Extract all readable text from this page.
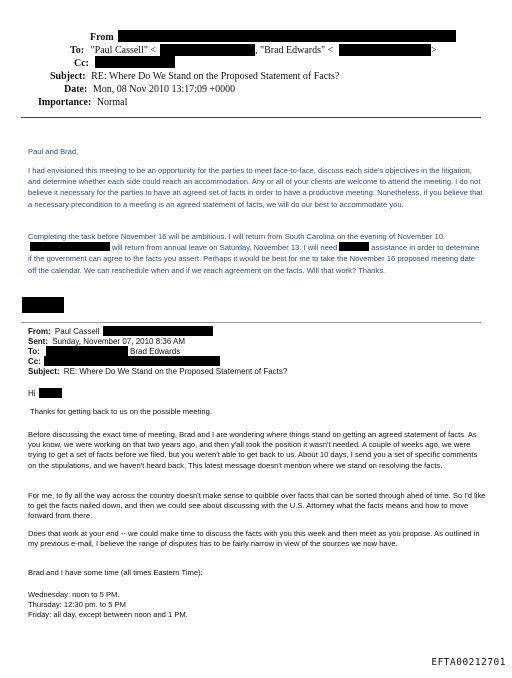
From
To: "Paul Cassell" <	, "Brad Edwards" <	>
Cc:
Subject: RE: Where Do We Stand on the Proposed Statement of Facts?
Date: Mon, 08 Nov 2010 13:17:09 +0000
Importance: Normal

Paul and Brad,

I had envisioned this meeting to be an opportunity for the parties to meet face-to-face, discuss each side's objectives in the litigation, and determine whether each side could reach an accommodation. Any or all of your clients are welcome to attend the meeting. I do not believe it necessary for the parties to have an agreed set of facts in order to have a productive meeting. Nonetheless, if you believe that a necessary precondition to a meeting is an agreed statement of facts, we will do our best to accommodate you.

Completing the task before November 16 will be ambitious. I will return from South Carolina on the evening of November 10.will return from annual leave on Saturday, November 13. I will need	assistance in order to determine if the government can agree to the facts you assert. Perhaps it would be best for me to take the November 16 proposed meeting date off the calendar. We can reschedule when and if we reach agreement on the facts. Will that work? Thanks.

From: Paul Cassell
Sent: Sunday, November 07, 2010 8:36 AM
To:	Brad Edwards
Cc:
Subject: RE: Where Do We Stand on the Proposed Statement of Facts?
Hi

Thanks for getting back to us on the possible meeting.

Before discussing the exact time of meeting, Brad and I are wondering where things stand on getting an agreed statement of facts. As you know, we were working on that two years ago, and then y'all took the position it wasn't needed. A couple of weeks ago, we were trying to get a set of facts before we filed, but you weren't able to get back to us. About 10 days, I send you a set of specific comments on the stipulations, and we haven't heard back. This latest message doesn't mention where we stand on resolving the facts.

For me, to fly all the way across the country doesn't make sense to quibble over facts that can be sorted through ahed of time. So I'd like to get the facts nailed down, and then we could see about discussing with the U.S. Attorney what the facts means and how to move forward from there.

Does that work at your end -- we could make time to discuss the facts with you this week and then meet as you propose. As outlined in my previous e-mail, I believe the range of disputes has to be fairly narrow in view of the sources we now have.

Brad and I have some time (all times Eastern Time):

Wednesday: noon to 5 PM.
Thursday: 12:30 pm. to 5 PM
Friday: all day, except between noon and 1 PM.
EFTA00212701
